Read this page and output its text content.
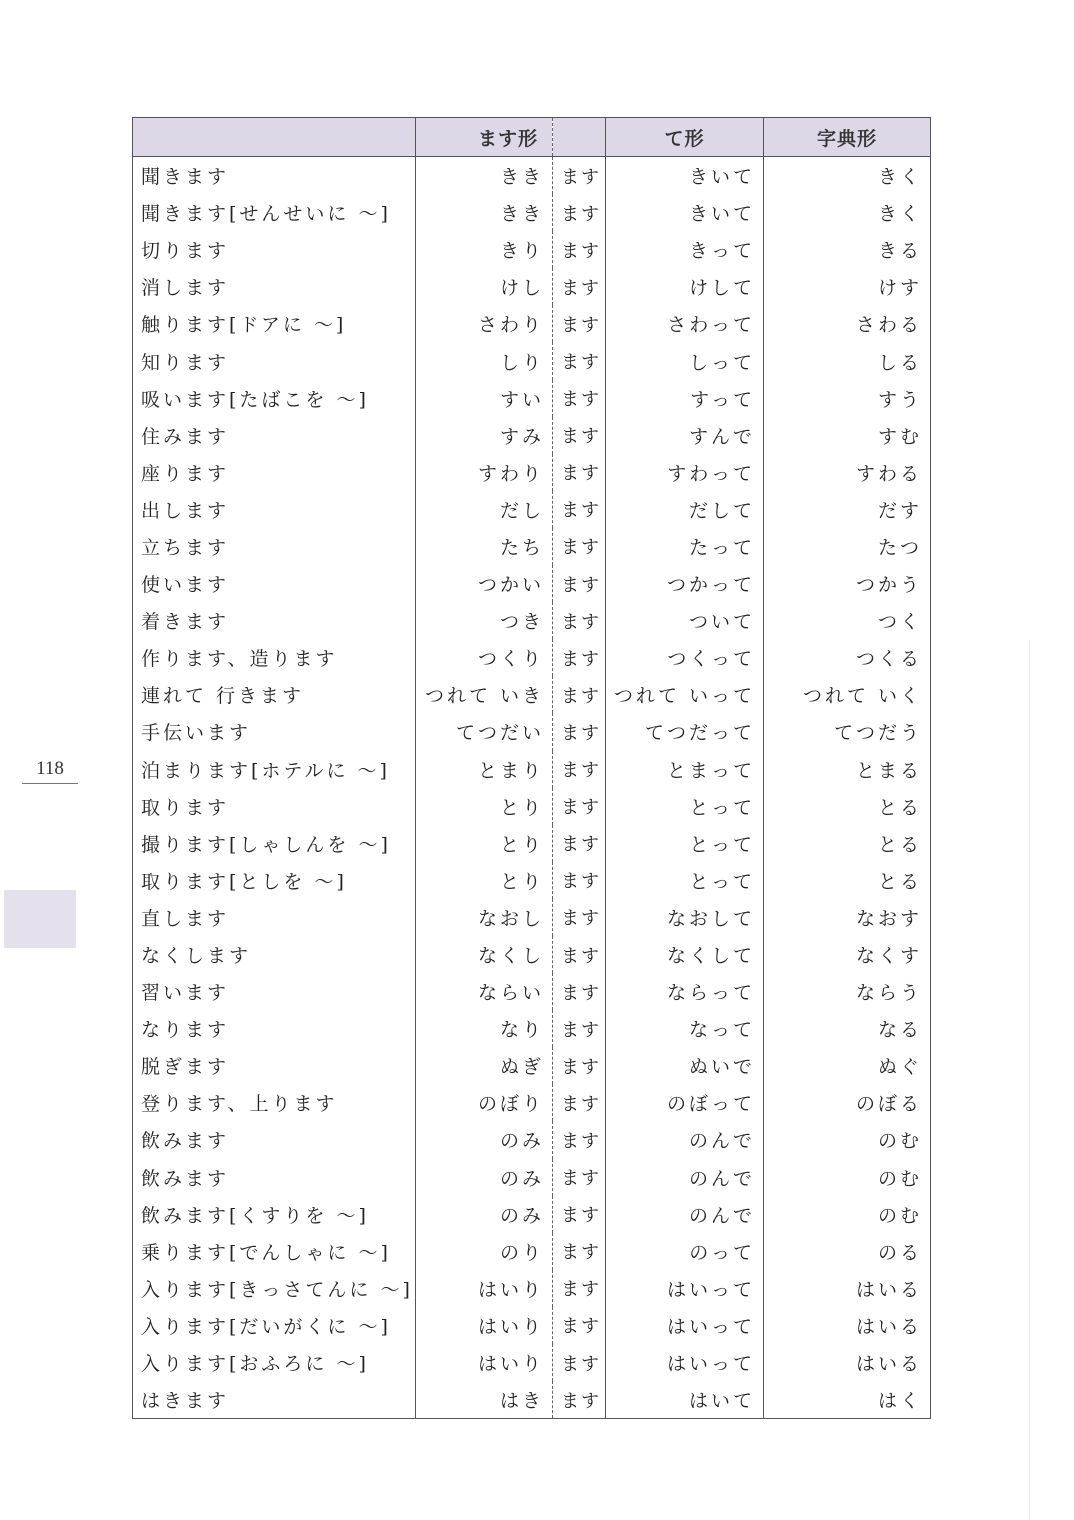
118
	ます形		て形	字典形
聞きます	きき	ます	きいて	きく
聞きます[せんせいに ～]	きき	ます	きいて	きく
切ります	きり	ます	きって	きる
消します	けし	ます	けして	けす
触ります[ドアに ～]	さわり	ます	さわって	さわる
知ります	しり	ます	しって	しる
吸います[たばこを ～]	すい	ます	すって	すう
住みます	すみ	ます	すんで	すむ
座ります	すわり	ます	すわって	すわる
出します	だし	ます	だして	だす
立ちます	たち	ます	たって	たつ
使います	つかい	ます	つかって	つかう
着きます	つき	ます	ついて	つく
作ります、造ります	つくり	ます	つくって	つくる
連れて 行きます	つれて いき	ます	つれて いって	つれて いく
手伝います	てつだい	ます	てつだって	てつだう
泊まります[ホテルに ～]	とまり	ます	とまって	とまる
取ります	とり	ます	とって	とる
撮ります[しゃしんを ～]	とり	ます	とって	とる
取ります[としを ～]	とり	ます	とって	とる
直します	なおし	ます	なおして	なおす
なくします	なくし	ます	なくして	なくす
習います	ならい	ます	ならって	ならう
なります	なり	ます	なって	なる
脱ぎます	ぬぎ	ます	ぬいで	ぬぐ
登ります、上ります	のぼり	ます	のぼって	のぼる
飲みます	のみ	ます	のんで	のむ
飲みます	のみ	ます	のんで	のむ
飲みます[くすりを ～]	のみ	ます	のんで	のむ
乗ります[でんしゃに ～]	のり	ます	のって	のる
入ります[きっさてんに ～]	はいり	ます	はいって	はいる
入ります[だいがくに ～]	はいり	ます	はいって	はいる
入ります[おふろに ～]	はいり	ます	はいって	はいる
はきます	はき	ます	はいて	はく
